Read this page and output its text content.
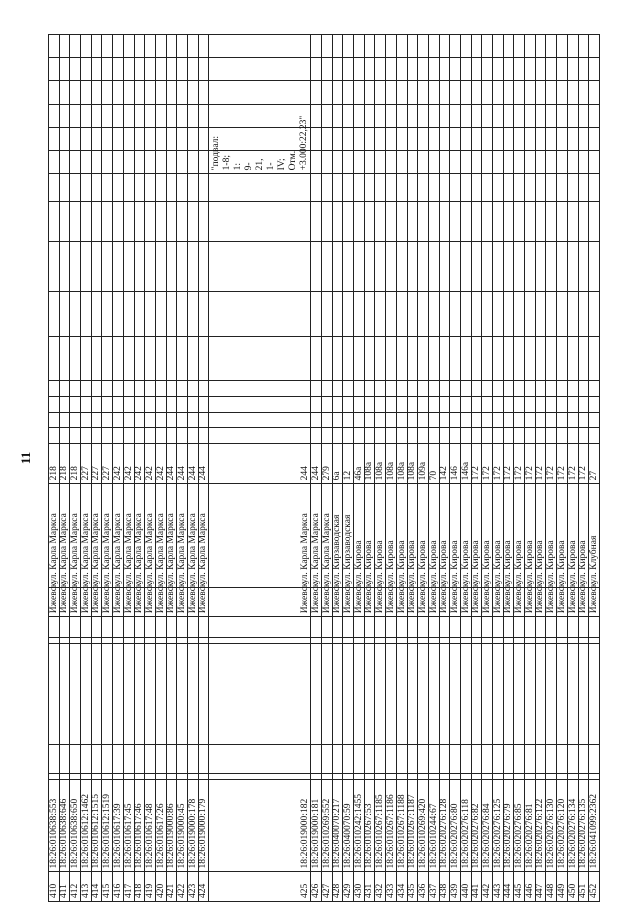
11
410	18:26:010638:553						Ижевск	ул. Карла Маркса	218															
411	18:26:010638:646						Ижевск	ул. Карла Маркса	218															
412	18:26:010638:650						Ижевск	ул. Карла Маркса	218															
413	18:26:010612:1462						Ижевск	ул. Карла Маркса	227															
414	18:26:010612:1515						Ижевск	ул. Карла Маркса	227															
415	18:26:010612:1519						Ижевск	ул. Карла Маркса	227															
416	18:26:010617:39						Ижевск	ул. Карла Маркса	242															
417	18:26:010617:45						Ижевск	ул. Карла Маркса	242															
418	18:26:010617:46						Ижевск	ул. Карла Маркса	242															
419	18:26:010617:48						Ижевск	ул. Карла Маркса	242															
420	18:26:010617:26						Ижевск	ул. Карла Маркса	242															
421	18:26:019000:86						Ижевск	ул. Карла Маркса	244															
422	18:26:019000:45						Ижевск	ул. Карла Маркса	244															
423	18:26:019000:178						Ижевск	ул. Карла Маркса	244															
424	18:26:019000:179						Ижевск	ул. Карла Маркса	244															
425	18:26:019000:182						Ижевск	ул. Карла Маркса	244										"подвал: 1-8; 1: 9-21, 1-IV; Отм. +3.000:22,23"					
426	18:26:019000:181						Ижевск	ул. Карла Маркса	244															
427	18:26:010269:552						Ижевск	ул. Карла Маркса	279															
428	18:26:040070:217						Ижевск	ул. Кирзаводская	6а															
429	18:26:040070:59						Ижевск	ул. Кирзаводская	12															
430	18:26:010242:1455						Ижевск	ул. Кирова	46а															
431	18:26:010267:53						Ижевск	ул. Кирова	108а															
432	18:26:010267:1185						Ижевск	ул. Кирова	108а															
433	18:26:010267:1186						Ижевск	ул. Кирова	108а															
434	18:26:010267:1188						Ижевск	ул. Кирова	108а															
435	18:26:010267:1187						Ижевск	ул. Кирова	108а															
436	18:26:010269:420						Ижевск	ул. Кирова	109а															
437	18:26:010244:67						Ижевск	ул. Кирова	70															
438	18:26:020276:128						Ижевск	ул. Кирова	142															
439	18:26:020276:80						Ижевск	ул. Кирова	146															
440	18:26:020276:118						Ижевск	ул. Кирова	146а															
441	18:26:020276:82						Ижевск	ул. Кирова	172															
442	18:26:020276:84						Ижевск	ул. Кирова	172															
443	18:26:020276:125						Ижевск	ул. Кирова	172															
444	18:26:020276:79						Ижевск	ул. Кирова	172															
445	18:26:020276:85						Ижевск	ул. Кирова	172															
446	18:26:020276:81						Ижевск	ул. Кирова	172															
447	18:26:020276:122						Ижевск	ул. Кирова	172															
448	18:26:020276:130						Ижевск	ул. Кирова	172															
449	18:26:020276:120						Ижевск	ул. Кирова	172															
450	18:26:020276:134						Ижевск	ул. Кирова	172															
451	18:26:020276:135						Ижевск	ул. Кирова	172															
452	18:26:041099:2362						Ижевск	ул. Клубная	27															
